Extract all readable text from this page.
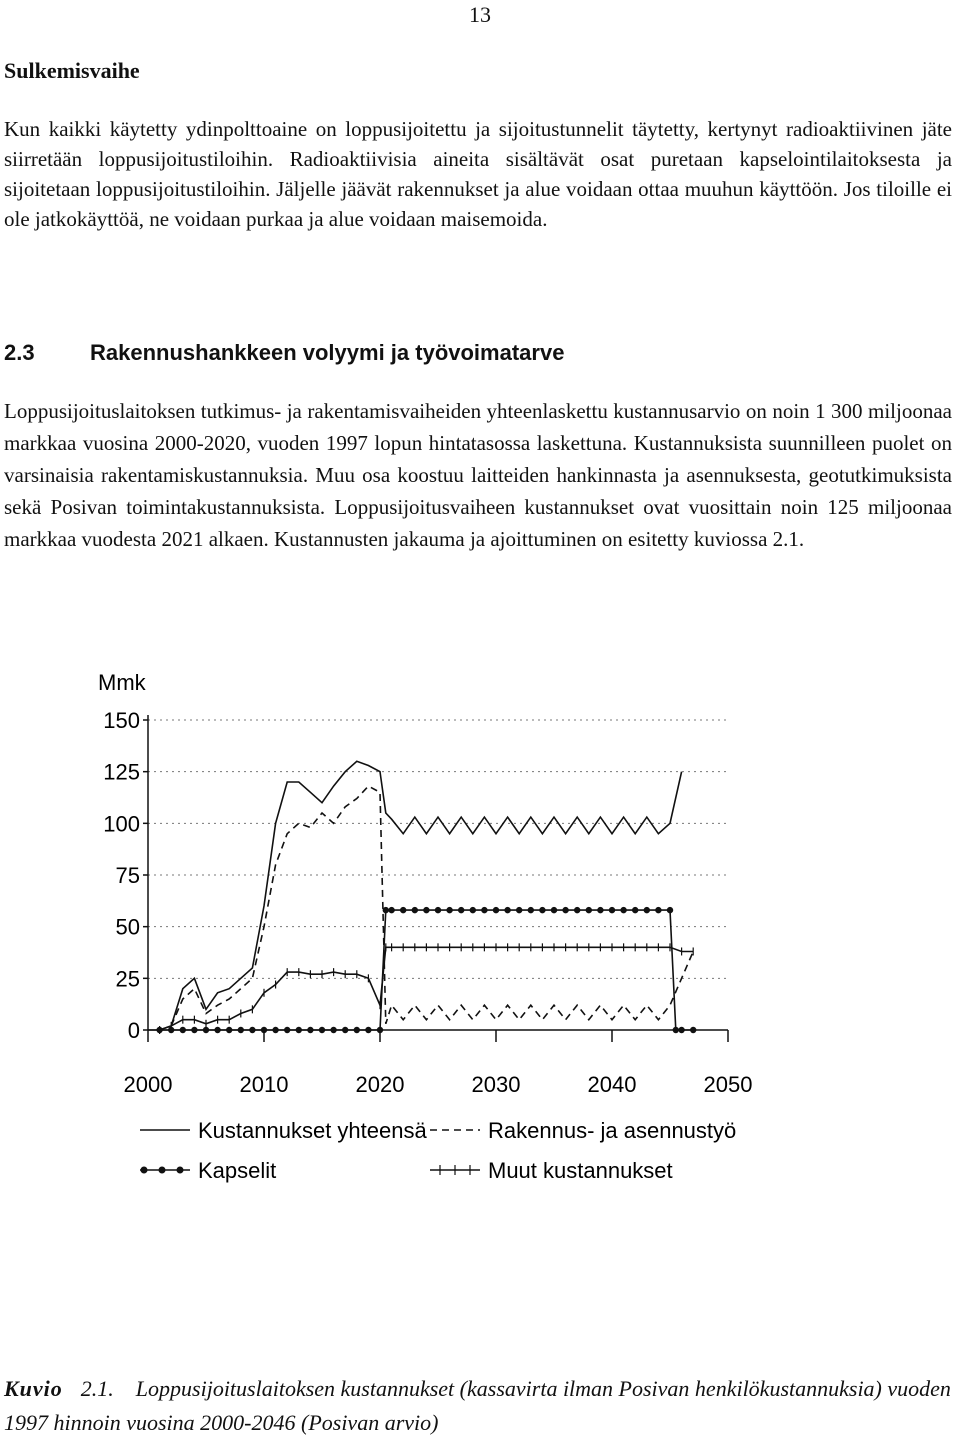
13
Sulkemisvaihe

Kun kaikki käytetty ydinpolttoaine on loppusijoitettu ja sijoitustunnelit täytetty, kertynyt radioaktiivinen jäte siirretään loppusijoitustiloihin. Radioaktiivisia aineita sisältävät osat puretaan kapselointilaitoksesta ja sijoitetaan loppusijoitustiloihin. Jäljelle jäävät rakennukset ja alue voidaan ottaa muuhun käyttöön. Jos tiloille ei ole jatkokäyttöä, ne voidaan purkaa ja alue voidaan maisemoida.

2.3	Rakennushankkeen volyymi ja työvoimatarve

Loppusijoituslaitoksen tutkimus- ja rakentamisvaiheiden yhteenlaskettu kustannusarvio on noin 1 300 miljoonaa markkaa vuosina 2000-2020, vuoden 1997 lopun hintatasossa laskettuna. Kustannuksista suunnilleen puolet on varsinaisia rakentamiskustannuksia. Muu osa koostuu laitteiden hankinnasta ja asennuksesta, geotutkimuksista sekä Posivan toimintakustannuksista. Loppusijoitusvaiheen kustannukset ovat vuosittain noin 125 miljoonaa markkaa vuodesta 2021 alkaen. Kustannusten jakauma ja ajoittuminen on esitetty kuviossa 2.1.

Mmk
150
125
100
75
50
25
0
2000	2010	2020	2030	2040	2050
Kustannukset yhteensä	Rakennus- ja asennustyö
Kapselit	Muut kustannukset
Kuvio 2.1. Loppusijoituslaitoksen kustannukset (kassavirta ilman Posivan henkilökustannuksia) vuoden 1997 hinnoin vuosina 2000-2046 (Posivan arvio)
